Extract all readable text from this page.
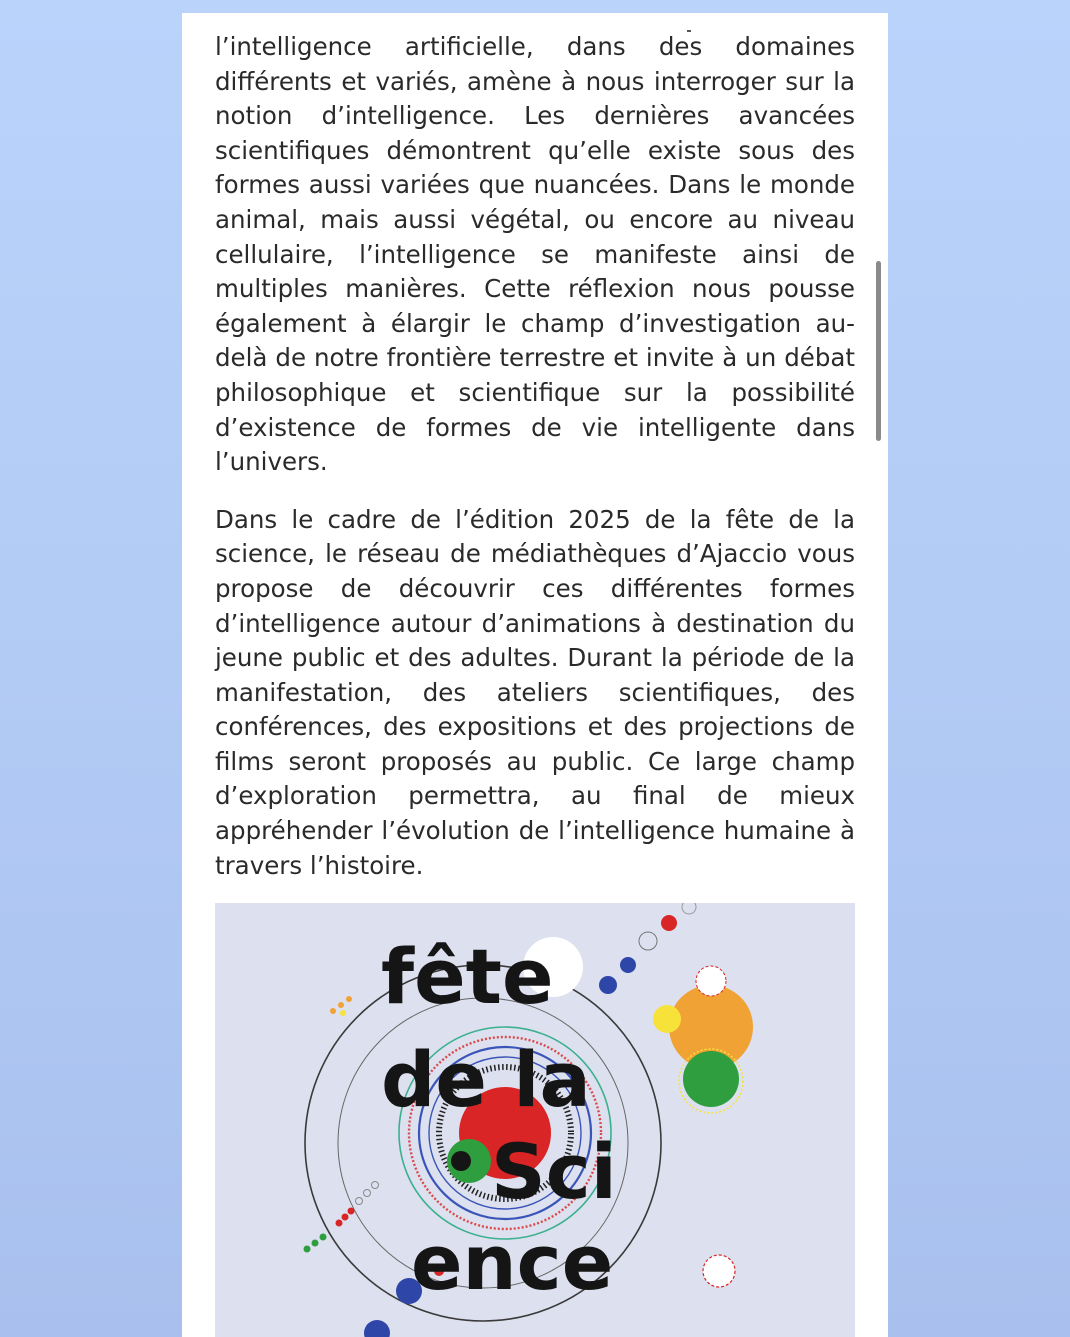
l’intelligence artificielle, dans des domaines différents et variés, amène à nous interroger sur la notion d’intelligence. Les dernières avancées scientifiques démontrent qu’elle existe sous des formes aussi variées que nuancées. Dans le monde animal, mais aussi végétal, ou encore au niveau cellulaire, l’intelligence se manifeste ainsi de multiples manières. Cette réflexion nous pousse également à élargir le champ d’investigation au-delà de notre frontière terrestre et invite à un débat philosophique et scientifique sur la possibilité d’existence de formes de vie intelligente dans l’univers.

Dans le cadre de l’édition 2025 de la fête de la science, le réseau de médiathèques d’Ajaccio vous propose de découvrir ces différentes formes d’intelligence autour d’animations à destination du jeune public et des adultes. Durant la période de la manifestation, des ateliers scientifiques, des conférences, des expositions et des projections de films seront proposés au public. Ce large champ d’exploration permettra, au final de mieux appréhender l’évolution de l’intelligence humaine à travers l’histoire.

fête
de la
Sci
ence
